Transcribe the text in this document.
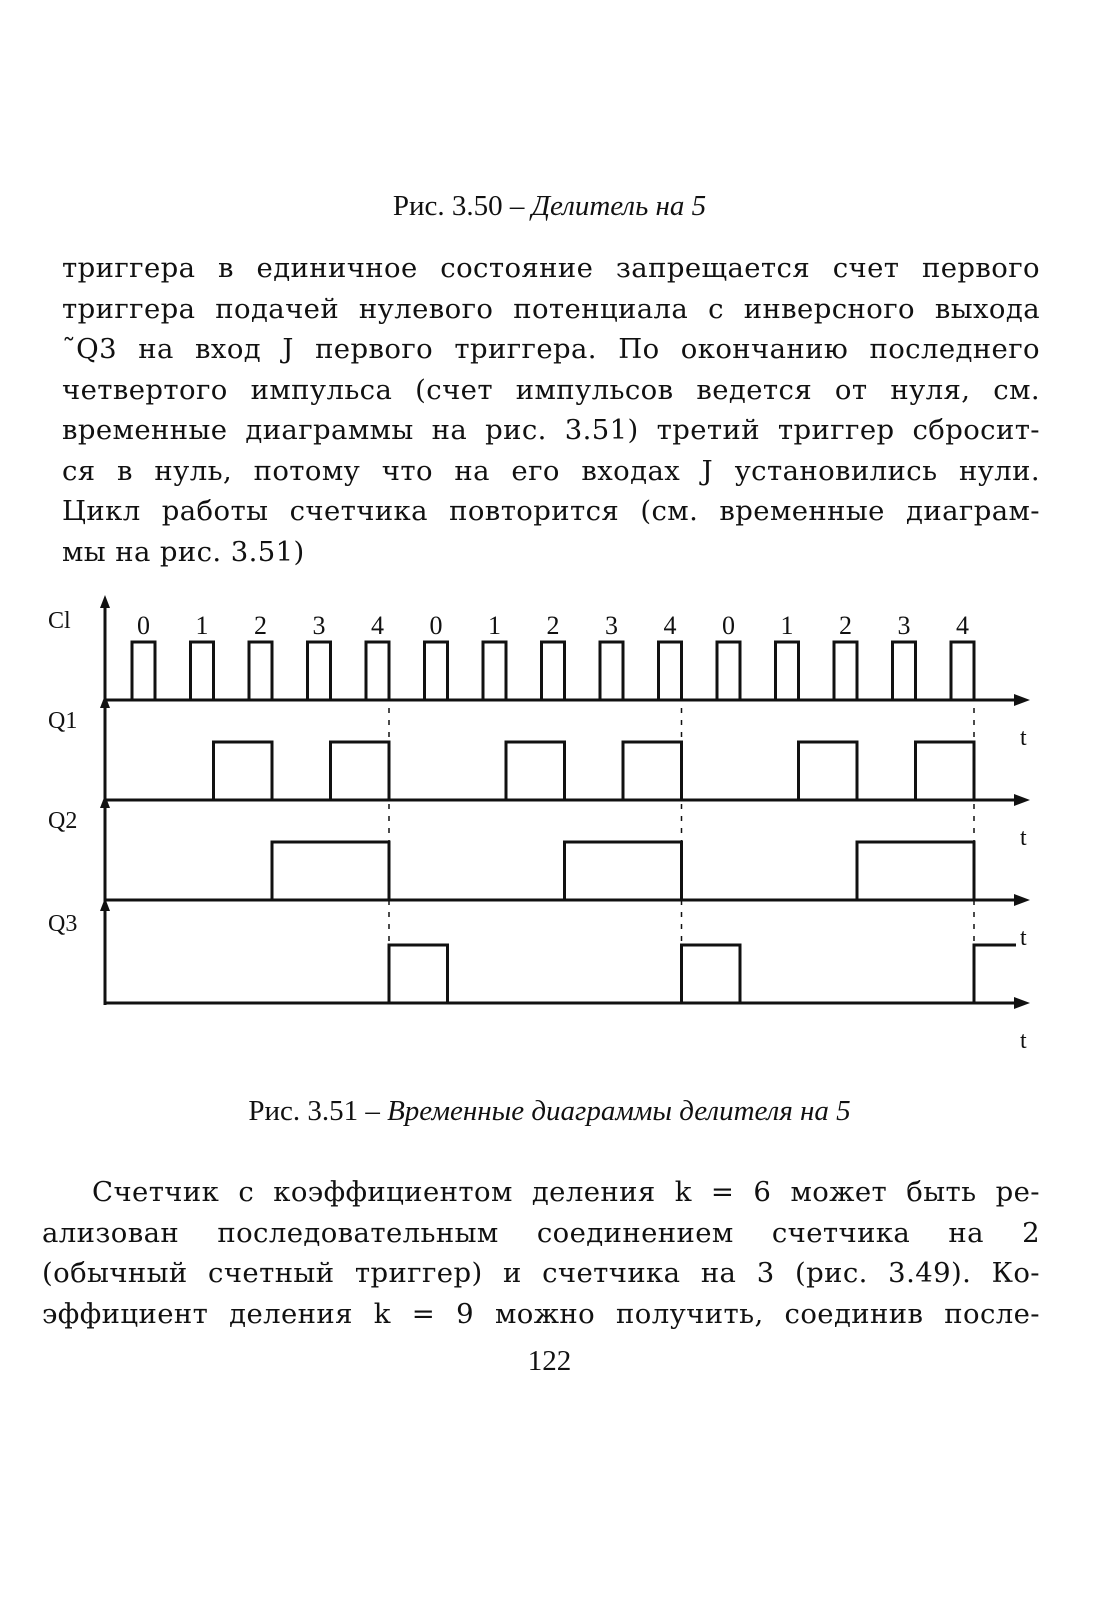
Рис. 3.50 – Делитель на 5
триггера в единичное состояние запрещается счет первого
триггера подачей нулевого потенциала с инверсного выхода
˜Q3 на вход J первого триггера. По окончанию последнего
четвертого импульса (счет импульсов ведется от нуля, см.
временные диаграммы на рис. 3.51) третий триггер сбросит-
ся в нуль, потому что на его входах J установились нули.
Цикл работы счетчика повторится (см. временные диаграм-
мы на рис. 3.51)
t
Cl
t
Q1
t
Q2
t
Q3
0 1 2 3 4 0 1 2 3 4 0 1 2 3 4
Рис. 3.51 – Временные диаграммы делителя на 5
Счетчик с коэффициентом деления k = 6 может быть ре-
ализован последовательным соединением счетчика на 2
(обычный счетный триггер) и счетчика на 3 (рис. 3.49). Ко-
эффициент деления k = 9 можно получить, соединив после-
122
